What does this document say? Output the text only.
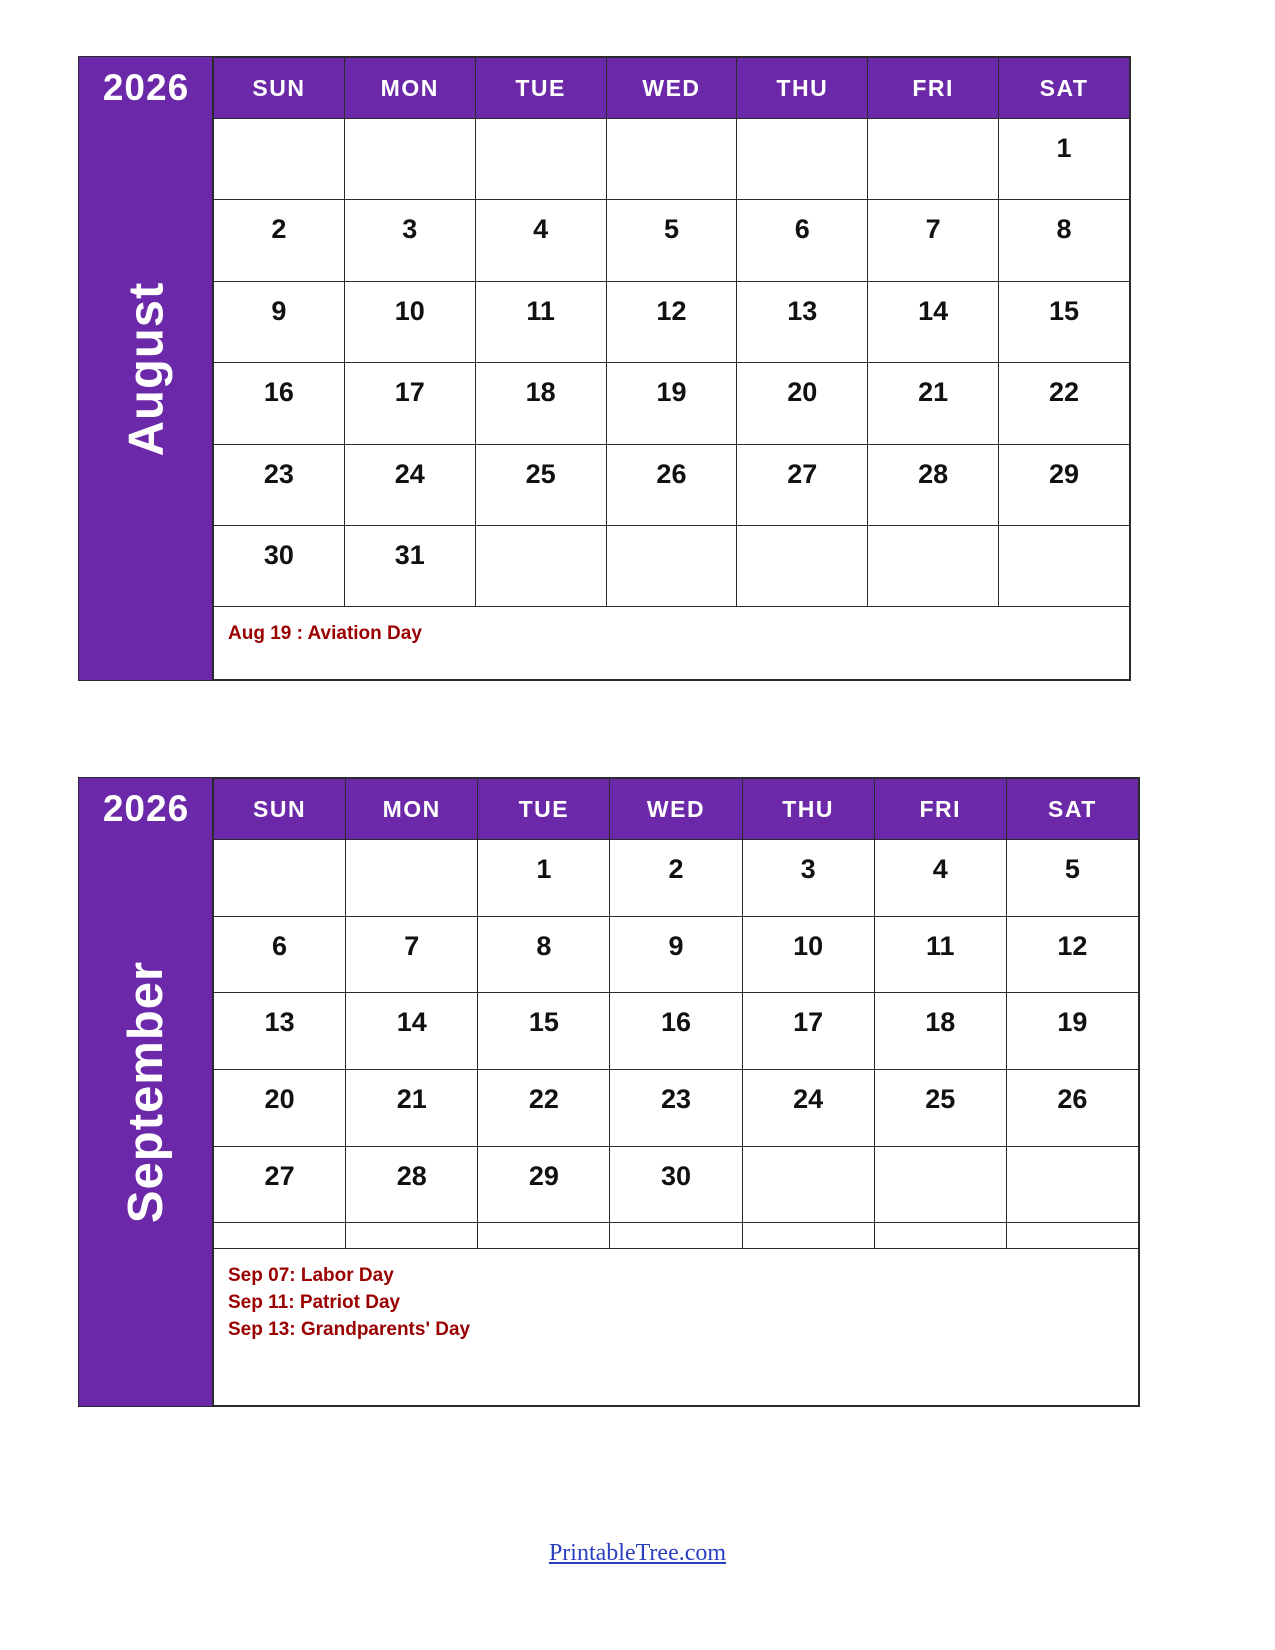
2026
August
SUN	MON	TUE	WED	THU	FRI	SAT
						1
2	3	4	5	6	7	8
9	10	11	12	13	14	15
16	17	18	19	20	21	22
23	24	25	26	27	28	29
30	31					

Aug 19 : Aviation Day						
2026
September
SUN	MON	TUE	WED	THU	FRI	SAT
		1	2	3	4	5
6	7	8	9	10	11	12
13	14	15	16	17	18	19
20	21	22	23	24	25	26
27	28	29	30			

Sep 07: Labor Day
Sep 11: Patriot Day
Sep 13: Grandparents' Day						
PrintableTree.com
